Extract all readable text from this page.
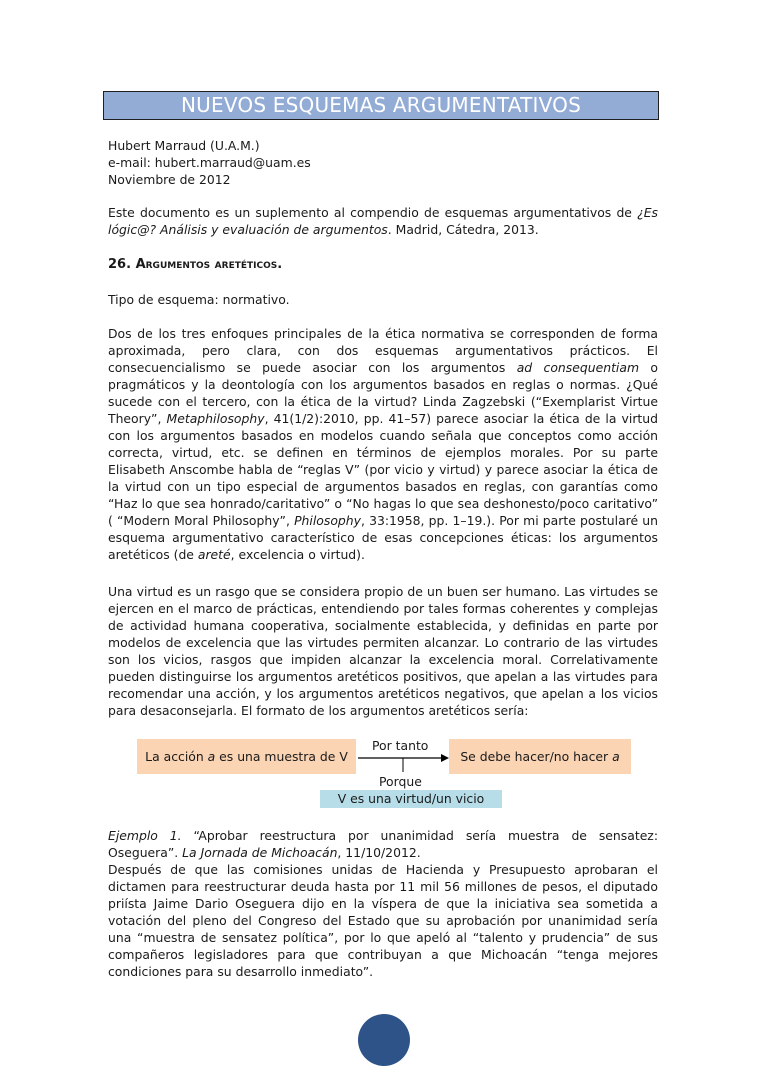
NUEVOS ESQUEMAS ARGUMENTATIVOS
Hubert Marraud (U.A.M.)
e-mail: hubert.marraud@uam.es
Noviembre de 2012
Este documento es un suplemento al compendio de esquemas argumentativos de ¿Es lógic@? Análisis y evaluación de argumentos. Madrid, Cátedra, 2013.
26. Argumentos aretéticos.
Tipo de esquema: normativo.
Dos de los tres enfoques principales de la ética normativa se corresponden de forma aproximada, pero clara, con dos esquemas argumentativos prácticos. El consecuencialismo se puede asociar con los argumentos ad consequentiam o pragmáticos y la deontología con los argumentos basados en reglas o normas. ¿Qué sucede con el tercero, con la ética de la virtud? Linda Zagzebski (“Exemplarist Virtue Theory”, Metaphilosophy, 41(1/2):2010, pp. 41–57) parece asociar la ética de la virtud con los argumentos basados en modelos cuando señala que conceptos como acción correcta, virtud, etc. se definen en términos de ejemplos morales. Por su parte Elisabeth Anscombe habla de “reglas V” (por vicio y virtud) y parece asociar la ética de la virtud con un tipo especial de argumentos basados en reglas, con garantías como “Haz lo que sea honrado/caritativo” o “No hagas lo que sea deshonesto/poco caritativo” ( “Modern Moral Philosophy”, Philosophy, 33:1958, pp. 1–19.). Por mi parte postularé un esquema argumentativo característico de esas concepciones éticas: los argumentos aretéticos (de areté, excelencia o virtud).
Una virtud es un rasgo que se considera propio de un buen ser humano. Las virtudes se ejercen en el marco de prácticas, entendiendo por tales formas coherentes y complejas de actividad humana cooperativa, socialmente establecida, y definidas en parte por modelos de excelencia que las virtudes permiten alcanzar. Lo contrario de las virtudes son los vicios, rasgos que impiden alcanzar la excelencia moral. Correlativamente pueden distinguirse los argumentos aretéticos positivos, que apelan a las virtudes para recomendar una acción, y los argumentos aretéticos negativos, que apelan a los vicios para desaconsejarla. El formato de los argumentos aretéticos sería:
La acción a es una muestra de V
Por tanto
Se debe hacer/no hacer a
Porque
V es una virtud/un vicio
Ejemplo 1. “Aprobar reestructura por unanimidad sería muestra de sensatez: Oseguera”. La Jornada de Michoacán, 11/10/2012.
Después de que las comisiones unidas de Hacienda y Presupuesto aprobaran el dictamen para reestructurar deuda hasta por 11 mil 56 millones de pesos, el diputado priísta Jaime Dario Oseguera dijo en la víspera de que la iniciativa sea sometida a votación del pleno del Congreso del Estado que su aprobación por unanimidad sería una “muestra de sensatez política”, por lo que apeló al “talento y prudencia” de sus compañeros legisladores para que contribuyan a que Michoacán “tenga mejores condiciones para su desarrollo inmediato”.
